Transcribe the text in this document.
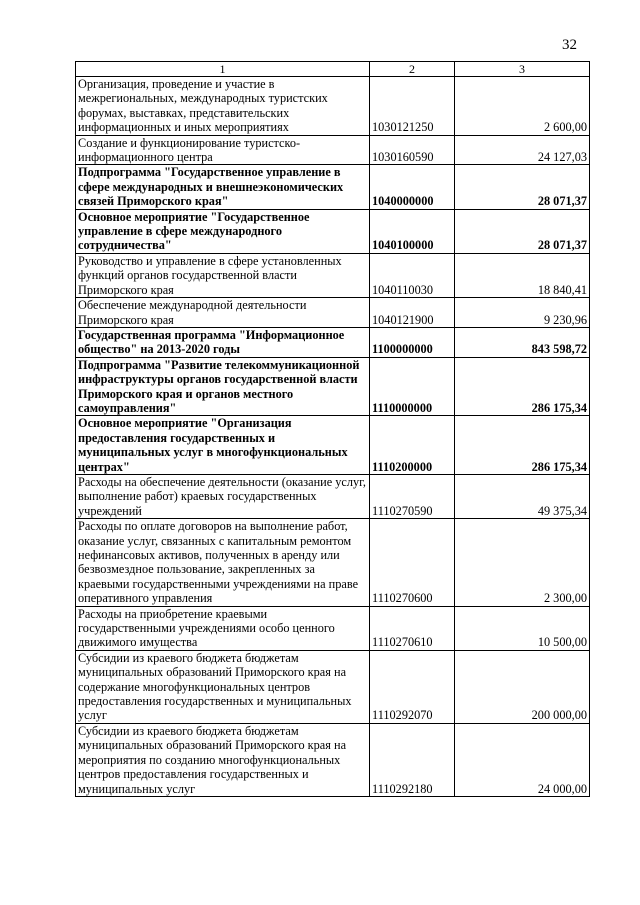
32
1	2	3
Организация, проведение и участие в межрегиональных, международных туристских форумах, выставках, представительских информационных и иных мероприятиях	1030121250	2 600,00
Создание и функционирование туристско-информационного центра	1030160590	24 127,03
Подпрограмма "Государственное управление в сфере международных и внешнеэкономических связей Приморского края"	1040000000	28 071,37
Основное мероприятие "Государственное управление в сфере международного сотрудничества"	1040100000	28 071,37
Руководство и управление в сфере установленных функций органов государственной власти Приморского края	1040110030	18 840,41
Обеспечение международной деятельности Приморского края	1040121900	9 230,96
Государственная программа "Информационное общество" на 2013-2020 годы	1100000000	843 598,72
Подпрограмма "Развитие телекоммуникационной инфраструктуры органов государственной власти Приморского края и органов местного самоуправления"	1110000000	286 175,34
Основное мероприятие "Организация предоставления государственных и муниципальных услуг в многофункциональных центрах"	1110200000	286 175,34
Расходы на обеспечение деятельности (оказание услуг, выполнение работ) краевых государственных учреждений	1110270590	49 375,34
Расходы по оплате договоров на выполнение работ, оказание услуг, связанных с капитальным ремонтом нефинансовых активов, полученных в аренду или безвозмездное пользование, закрепленных за краевыми государственными учреждениями на праве оперативного управления	1110270600	2 300,00
Расходы на приобретение краевыми государственными учреждениями особо ценного движимого имущества	1110270610	10 500,00
Субсидии из краевого бюджета бюджетам муниципальных образований Приморского края на содержание многофункциональных центров предоставления государственных и муниципальных услуг	1110292070	200 000,00
Субсидии из краевого бюджета бюджетам муниципальных образований Приморского края на мероприятия по созданию многофункциональных центров предоставления государственных и муниципальных услуг	1110292180	24 000,00
